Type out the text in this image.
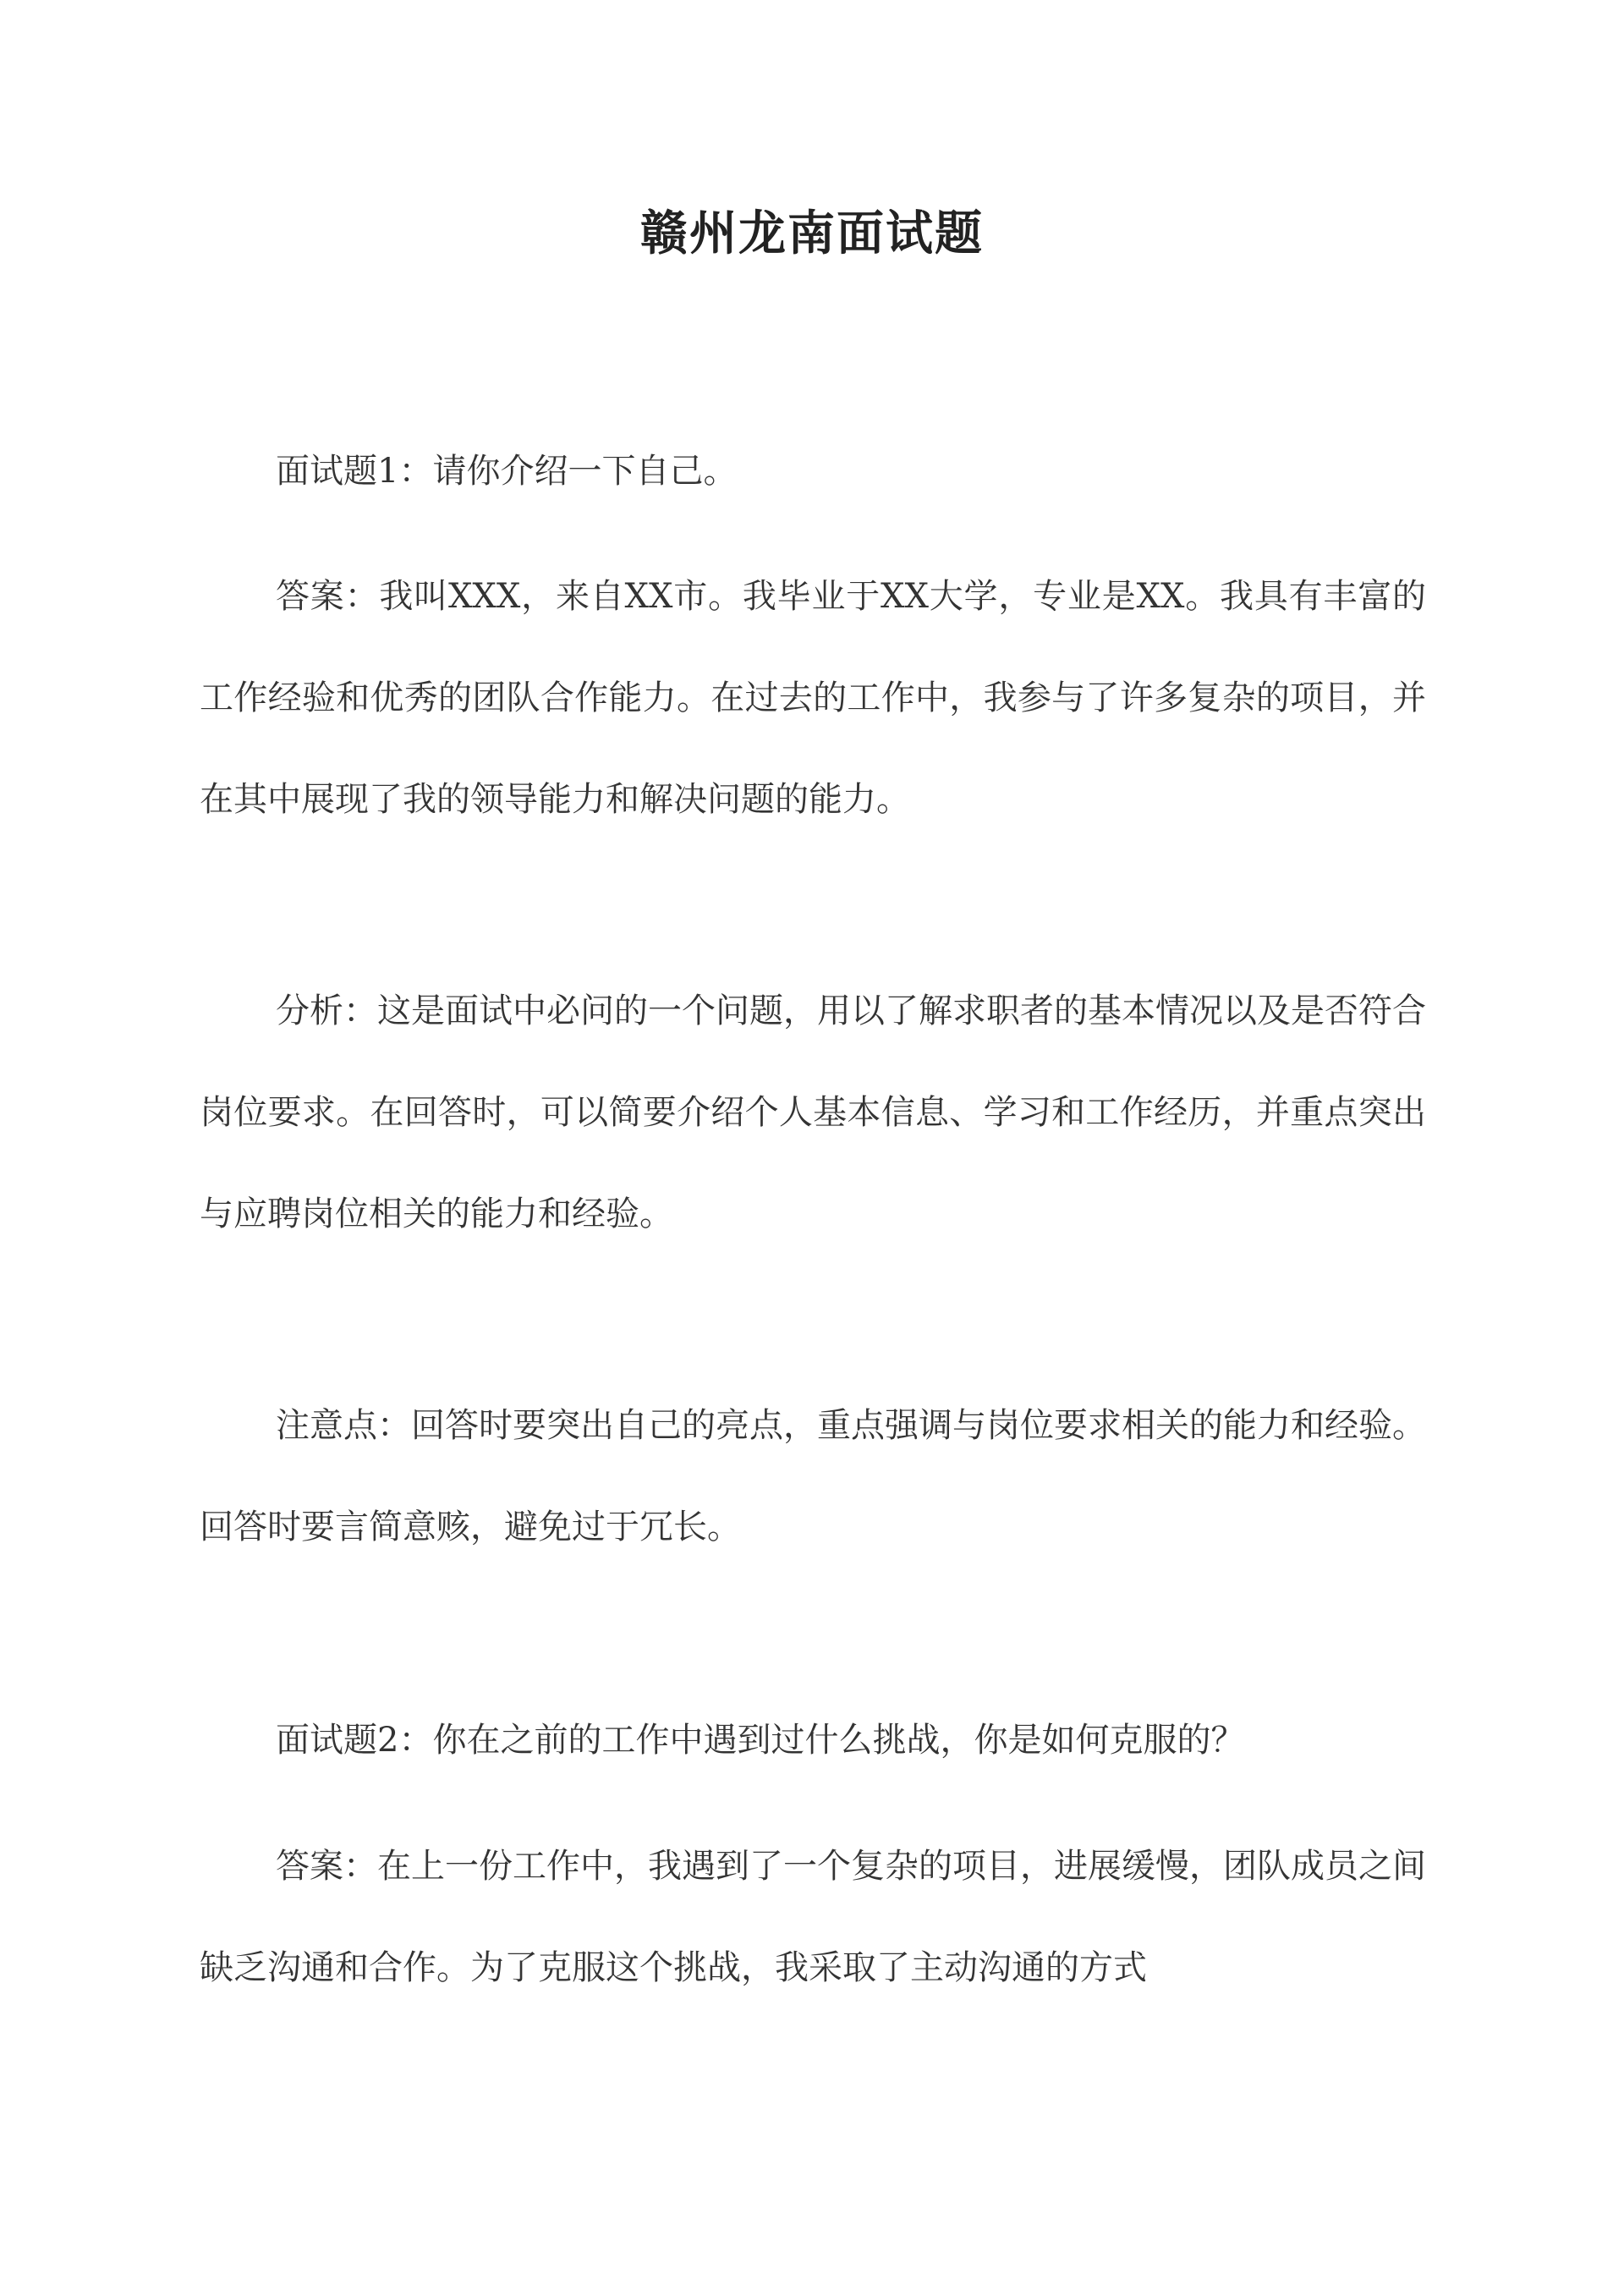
赣州龙南面试题

面试题1：请你介绍一下自己。

答案：我叫XXX，来自XX市。我毕业于XX大学，专业是XX。我具有丰富的工作经验和优秀的团队合作能力。在过去的工作中，我参与了许多复杂的项目，并在其中展现了我的领导能力和解决问题的能力。

分析：这是面试中必问的一个问题，用以了解求职者的基本情况以及是否符合岗位要求。在回答时，可以简要介绍个人基本信息、学习和工作经历，并重点突出与应聘岗位相关的能力和经验。

注意点：回答时要突出自己的亮点，重点强调与岗位要求相关的能力和经验。回答时要言简意赅，避免过于冗长。

面试题2：你在之前的工作中遇到过什么挑战，你是如何克服的？

答案：在上一份工作中，我遇到了一个复杂的项目，进展缓慢，团队成员之间缺乏沟通和合作。为了克服这个挑战，我采取了主动沟通的方式
